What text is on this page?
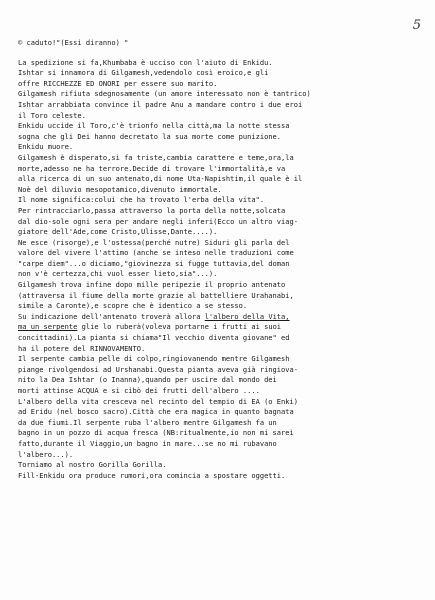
5
© caduto!"(Essi diranno) "
La spedizione si fa,Khumbaba è ucciso con l'aiuto di Enkidu.
Ishtar si innamora di Gilgamesh,vedendolo così eroico,e gli
offre RICCHEZZE ED ONORI per essere suo marito.
Gilgamesh rifiuta sdegnosamente (un amore interessato non è tantrico)
Ishtar arrabbiata convince il padre Anu a mandare contro i due eroi
il Toro celeste.
Enkidu uccide il Toro,c'è trionfo nella città,ma la notte stessa
sogna che gli Dei hanno decretato la sua morte come punizione.
Enkidu muore.
Gilgamesh è disperato,si fa triste,cambia carattere e teme,ora,la
morte,adesso ne ha terrore.Decide di trovare l'immortalità,e va
alla ricerca di un suo antenato,di nome Uta-Napishtim,il quale è il
Noè del diluvio mesopotamico,divenuto immortale.
Il nome significa:colui che ha trovato l'erba della vita".
Per rintracciarlo,passa attraverso la porta della notte,solcata
dal dio-sole ogni sera per andare negli inferi(Ecco un altro viag-
giatore dell'Ade,come Cristo,Ulisse,Dante....).
Ne esce (risorge),e l'ostessa(perché nutre) Siduri gli parla del
valore del vivere l'attimo (anche se inteso nelle traduzioni come
"carpe diem"...o diciamo,"giovinezza si fugge tuttavia,del doman
non v'è certezza,chi vuol esser lieto,sia"...).
Gilgamesh trova infine dopo mille peripezie il proprio antenato
(attraversa il fiume della morte grazie al battelliere Urahanabi,
simile a Caronte),e scopre che è identico a se stesso.
Su indicazione dell'antenato troverà allora l'albero della Vita,
ma un serpente glie lo ruberà(voleva portarne i frutti ai suoi
concittadini).La pianta si chiama"Il vecchio diventa giovane" ed
ha il potere del RINNOVAMENTO.
Il serpente cambia pelle di colpo,ringiovanendo mentre Gilgamesh
piange rivolgendosi ad Urshanabi.Questa pianta aveva già ringiova-
nito la Dea Ishtar (o Inanna),quando per uscire dal mondo dei
morti attinse ACQUA e si cibò dei frutti dell'albero ....
L'albero della vita cresceva nel recinto del tempio di EA (o Enki)
ad Eridu (nel bosco sacro).Città che era magica in quanto bagnata
da due fiumi.Il serpente ruba l'albero mentre Gilgamesh fa un
bagno in un pozzo di acqua fresca (NB:ritualmente,io non mi sarei
fatto,durante il Viaggio,un bagno in mare...se no mi rubavano
l'albero...).
Torniamo al nostro Gorilla Gorilla.
Fill-Enkidu ora produce rumori,ora comincia a spostare oggetti.
